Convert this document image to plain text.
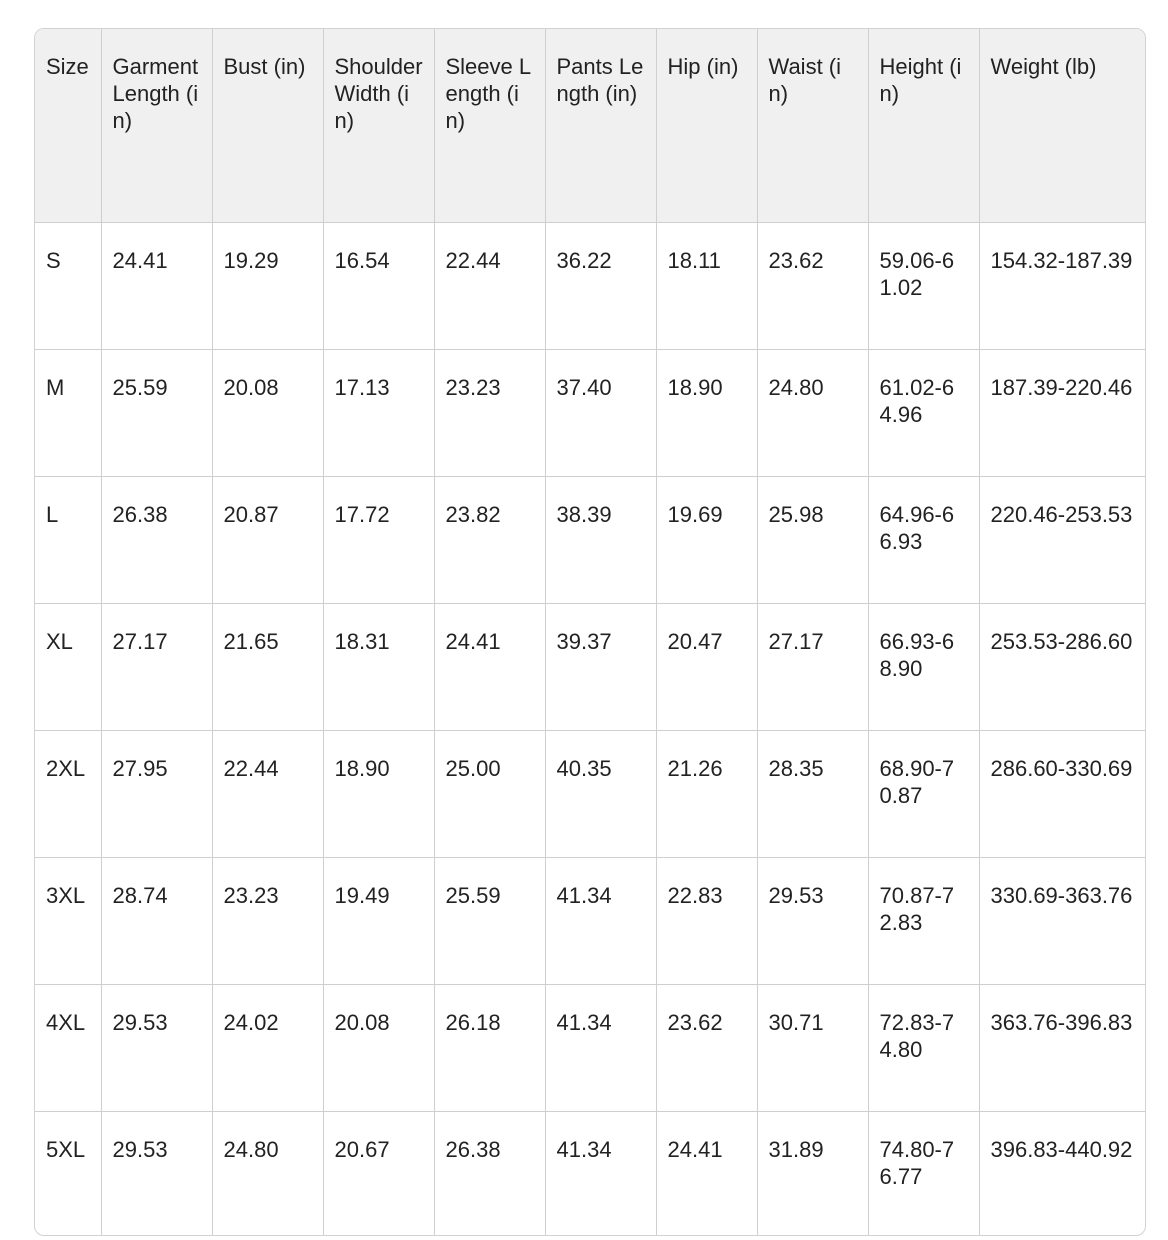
Size	Garment Length (in)	Bust (in)	Shoulder Width (in)	Sleeve Length (in)	Pants Length (in)	Hip (in)	Waist (in)	Height (in)	Weight (lb)
S	24.41	19.29	16.54	22.44	36.22	18.11	23.62	59.06-61.02	154.32-187.39
M	25.59	20.08	17.13	23.23	37.40	18.90	24.80	61.02-64.96	187.39-220.46
L	26.38	20.87	17.72	23.82	38.39	19.69	25.98	64.96-66.93	220.46-253.53
XL	27.17	21.65	18.31	24.41	39.37	20.47	27.17	66.93-68.90	253.53-286.60
2XL	27.95	22.44	18.90	25.00	40.35	21.26	28.35	68.90-70.87	286.60-330.69
3XL	28.74	23.23	19.49	25.59	41.34	22.83	29.53	70.87-72.83	330.69-363.76
4XL	29.53	24.02	20.08	26.18	41.34	23.62	30.71	72.83-74.80	363.76-396.83
5XL	29.53	24.80	20.67	26.38	41.34	24.41	31.89	74.80-76.77	396.83-440.92
